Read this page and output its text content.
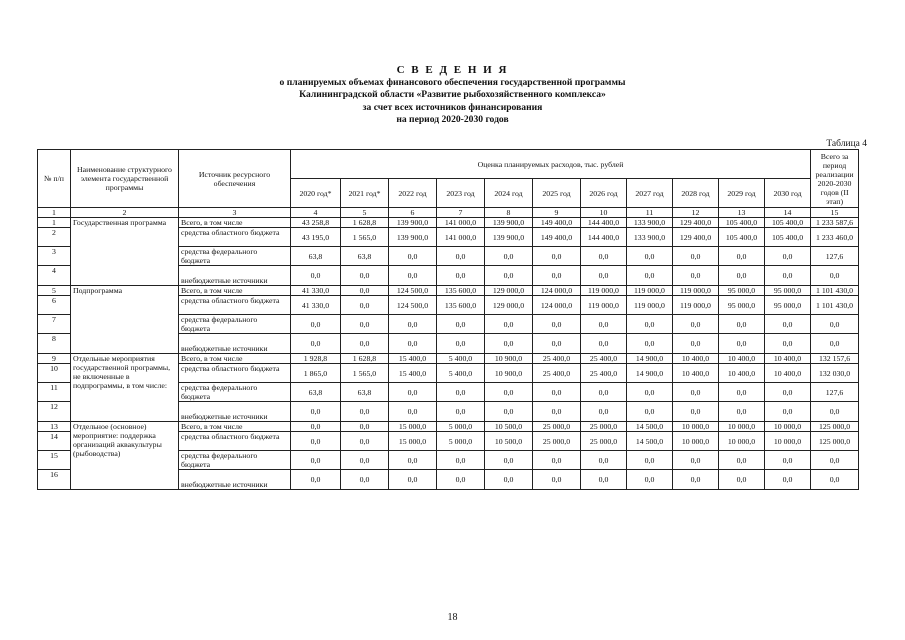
С В Е Д Е Н И Я
о планируемых объемах финансового обеспечения государственной программы
Калининградской области «Развитие рыбохозяйственного комплекса»
за счет всех источников финансирования
на период 2020-2030 годов
Таблица 4
№ п/п	Наименование структурного элемента государственной программы	Источник ресурсного обеспечения	Оценка планируемых расходов, тыс. рублей											Всего за период реализации 2020-2030 годов (II этап)
			2020 год*	2021 год*	2022 год	2023 год	2024 год	2025 год	2026 год	2027 год	2028 год	2029 год	2030 год	
1	2	3	4	5	6	7	8	9	10	11	12	13	14	15
1	Государственная программа	Всего, в том числе	43 258,8	1 628,8	139 900,0	141 000,0	139 900,0	149 400,0	144 400,0	133 900,0	129 400,0	105 400,0	105 400,0	1 233 587,6
2		средства областного бюджета	43 195,0	1 565,0	139 900,0	141 000,0	139 900,0	149 400,0	144 400,0	133 900,0	129 400,0	105 400,0	105 400,0	1 233 460,0
3		средства федерального бюджета	63,8	63,8	0,0	0,0	0,0	0,0	0,0	0,0	0,0	0,0	0,0	127,6
4		внебюджетные источники	0,0	0,0	0,0	0,0	0,0	0,0	0,0	0,0	0,0	0,0	0,0	0,0
5	Подпрограмма	Всего, в том числе	41 330,0	0,0	124 500,0	135 600,0	129 000,0	124 000,0	119 000,0	119 000,0	119 000,0	95 000,0	95 000,0	1 101 430,0
6		средства областного бюджета	41 330,0	0,0	124 500,0	135 600,0	129 000,0	124 000,0	119 000,0	119 000,0	119 000,0	95 000,0	95 000,0	1 101 430,0
7		средства федерального бюджета	0,0	0,0	0,0	0,0	0,0	0,0	0,0	0,0	0,0	0,0	0,0	0,0
8		внебюджетные источники	0,0	0,0	0,0	0,0	0,0	0,0	0,0	0,0	0,0	0,0	0,0	0,0
9	Отдельные мероприятия государственной программы, не включенные в подпрограммы, в том числе:	Всего, в том числе	1 928,8	1 628,8	15 400,0	5 400,0	10 900,0	25 400,0	25 400,0	14 900,0	10 400,0	10 400,0	10 400,0	132 157,6
10		средства областного бюджета	1 865,0	1 565,0	15 400,0	5 400,0	10 900,0	25 400,0	25 400,0	14 900,0	10 400,0	10 400,0	10 400,0	132 030,0
11		средства федерального бюджета	63,8	63,8	0,0	0,0	0,0	0,0	0,0	0,0	0,0	0,0	0,0	127,6
12		внебюджетные источники	0,0	0,0	0,0	0,0	0,0	0,0	0,0	0,0	0,0	0,0	0,0	0,0
13	Отдельное (основное) мероприятие: поддержка организаций аквакультуры (рыбоводства)	Всего, в том числе	0,0	0,0	15 000,0	5 000,0	10 500,0	25 000,0	25 000,0	14 500,0	10 000,0	10 000,0	10 000,0	125 000,0
14		средства областного бюджета	0,0	0,0	15 000,0	5 000,0	10 500,0	25 000,0	25 000,0	14 500,0	10 000,0	10 000,0	10 000,0	125 000,0
15		средства федерального бюджета	0,0	0,0	0,0	0,0	0,0	0,0	0,0	0,0	0,0	0,0	0,0	0,0
16		внебюджетные источники	0,0	0,0	0,0	0,0	0,0	0,0	0,0	0,0	0,0	0,0	0,0	0,0
18
